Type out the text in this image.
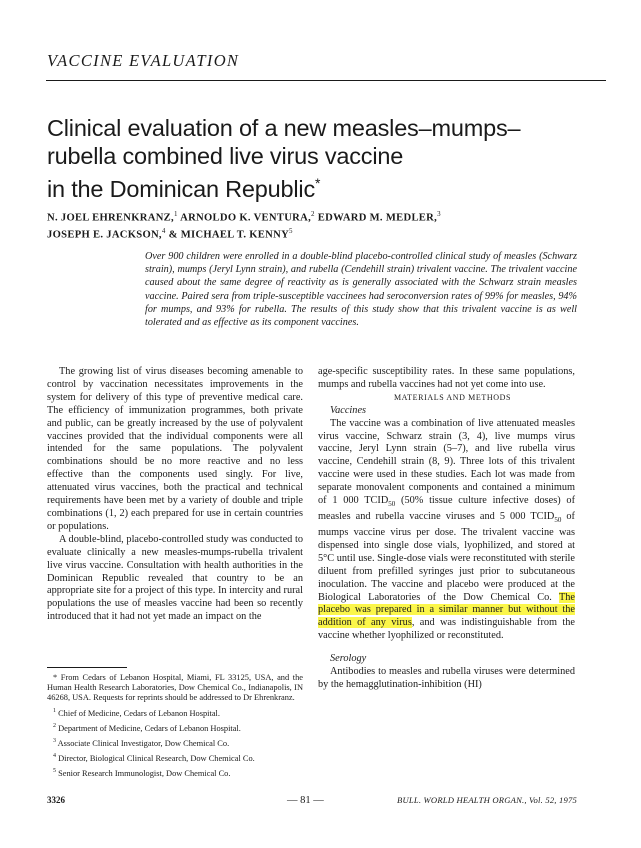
VACCINE EVALUATION
Clinical evaluation of a new measles–mumps–
rubella combined live virus vaccine
in the Dominican Republic*
N. JOEL EHRENKRANZ,$^1$ ARNOLDO K. VENTURA,$^2$ EDWARD M. MEDLER,$^3$
JOSEPH E. JACKSON,$^4$ & MICHAEL T. KENNY$^5$
Over 900 children were enrolled in a double-blind placebo-controlled clinical study of measles (Schwarz strain), mumps (Jeryl Lynn strain), and rubella (Cendehill strain) trivalent vaccine. The trivalent vaccine caused about the same degree of reactivity as is generally associated with the Schwarz strain measles vaccine. Paired sera from triple-susceptible vaccinees had seroconversion rates of 99% for measles, 94% for mumps, and 93% for rubella. The results of this study show that this trivalent vaccine is as well tolerated and as effective as its component vaccines.

The growing list of virus diseases becoming amenable to control by vaccination necessitates improvements in the system for delivery of this type of preventive medical care. The efficiency of immunization programmes, both private and public, can be greatly increased by the use of polyvalent vaccines provided that the individual components were all intended for the same populations. The polyvalent combinations should be no more reactive and no less effective than the components used singly. For live, attenuated virus vaccines, both the practical and technical requirements have been met by a variety of double and triple combinations (1, 2) each prepared for use in certain countries or populations.

A double-blind, placebo-controlled study was conducted to evaluate clinically a new measles-mumps-rubella trivalent live virus vaccine. Consultation with health authorities in the Dominican Republic revealed that country to be an appropriate site for a project of this type. In intercity and rural populations the use of measles vaccine had been so recently introduced that it had not yet made an impact on the

age-specific susceptibility rates. In these same populations, mumps and rubella vaccines had not yet come into use.

MATERIALS AND METHODS

Vaccines

The vaccine was a combination of live attenuated measles virus vaccine, Schwarz strain (3, 4), live mumps virus vaccine, Jeryl Lynn strain (5–7), and live rubella virus vaccine, Cendehill strain (8, 9). Three lots of this trivalent vaccine were used in these studies. Each lot was made from separate monovalent components and contained a minimum of 1 000 $TCID_{50}$ (50% tissue culture infective doses) of measles and rubella vaccine viruses and 5 000 $TCID_{50}$ of mumps vaccine virus per dose. The trivalent vaccine was dispensed into single dose vials, lyophilized, and stored at 5°C until use. Single-dose vials were reconstituted with sterile diluent from prefilled syringes just prior to subcutaneous inoculation. The vaccine and placebo were produced at the Biological Laboratories of the Dow Chemical Co. The placebo was prepared in a similar manner but without the addition of any virus, and was indistinguishable from the vaccine whether lyophilized or reconstituted.

Serology

Antibodies to measles and rubella viruses were determined by the hemagglutination-inhibition (HI)

* From Cedars of Lebanon Hospital, Miami, FL 33125, USA, and the Human Health Research Laboratories, Dow Chemical Co., Indianapolis, IN 46268, USA. Requests for reprints should be addressed to Dr Ehrenkranz.

$^1$ Chief of Medicine, Cedars of Lebanon Hospital.

$^2$ Department of Medicine, Cedars of Lebanon Hospital.

$^3$ Associate Clinical Investigator, Dow Chemical Co.

$^4$ Director, Biological Clinical Research, Dow Chemical Co.

$^5$ Senior Research Immunologist, Dow Chemical Co.

3326	— 81 —	BULL. WORLD HEALTH ORGAN., Vol. 52, 1975
